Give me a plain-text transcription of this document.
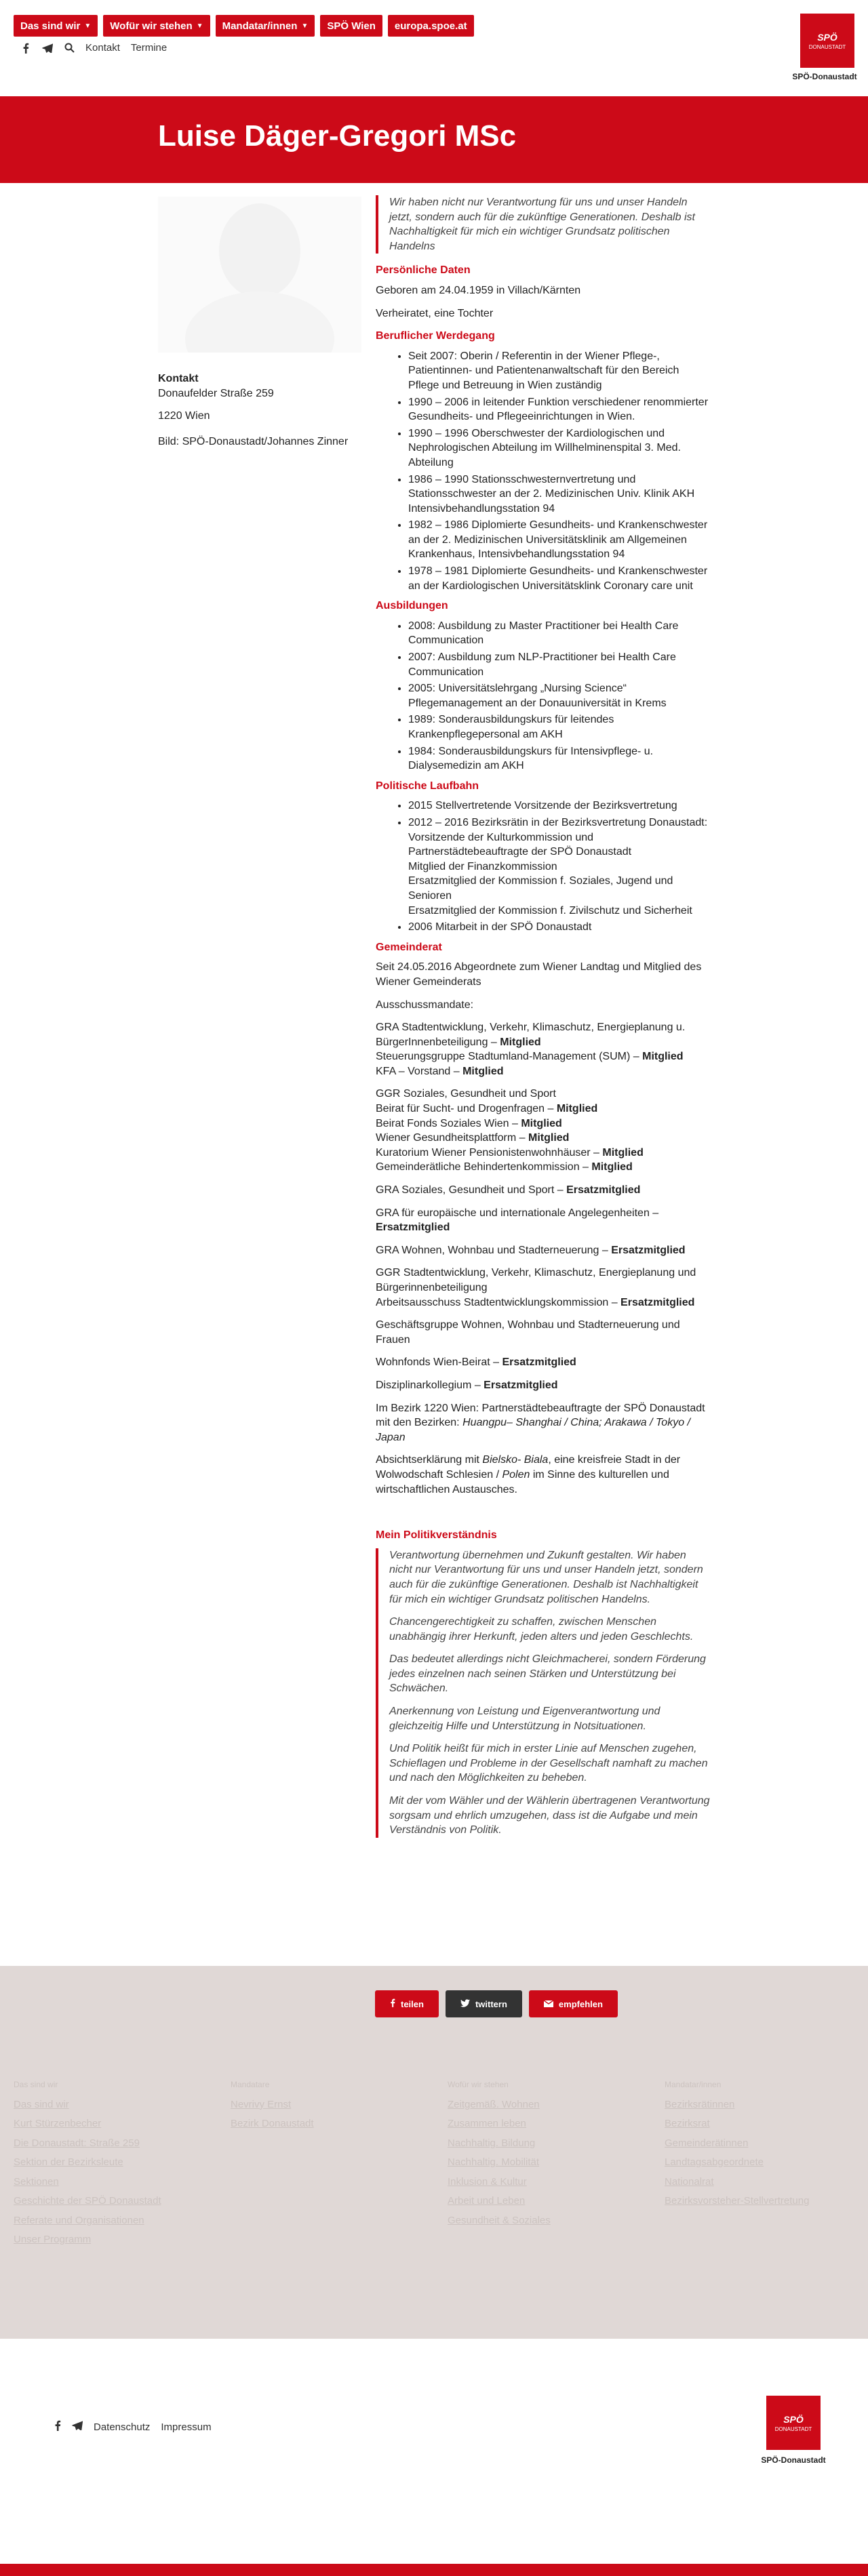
Das sind wir ▼ Wofür wir stehen ▼ Mandatar/innen ▼ SPÖ Wien europa.spoe.at
Kontakt Termine
SPÖ
DONAUSTADT
SPÖ-Donaustadt
Luise Däger-Gregori MSc
Kontakt
Donaufelder Straße 259
1220 Wien
Bild: SPÖ-Donaustadt/Johannes Zinner

Wir haben nicht nur Verantwortung für uns und unser Handeln jetzt, sondern auch für die zukünftige Generationen. Deshalb ist Nachhaltigkeit für mich ein wichtiger Grundsatz politischen Handelns

Persönliche Daten

Geboren am 24.04.1959 in Villach/Kärnten

Verheiratet, eine Tochter

Beruflicher Werdegang
• Seit 2007: Oberin / Referentin in der Wiener Pflege-, Patientinnen- und Patientenanwaltschaft für den Bereich Pflege und Betreuung in Wien zuständig
• 1990 – 2006 in leitender Funktion verschiedener renommierter Gesundheits- und Pflegeeinrichtungen in Wien.
• 1990 – 1996 Oberschwester der Kardiologischen und Nephrologischen Abteilung im Willhelminenspital 3. Med. Abteilung
• 1986 – 1990 Stationsschwesternvertretung und Stationsschwester an der 2. Medizinischen Univ. Klinik AKH Intensivbehandlungsstation 94
• 1982 – 1986 Diplomierte Gesundheits- und Krankenschwester an der 2. Medizinischen Universitätsklinik am Allgemeinen Krankenhaus, Intensivbehandlungsstation 94
• 1978 – 1981 Diplomierte Gesundheits- und Krankenschwester an der Kardiologischen Universitätsklink Coronary care unit
Ausbildungen
• 2008: Ausbildung zu Master Practitioner bei Health Care Communication
• 2007: Ausbildung zum NLP-Practitioner bei Health Care Communication
• 2005: Universitätslehrgang „Nursing Science“ Pflegemanagement an der Donauuniversität in Krems
• 1989: Sonderausbildungskurs für leitendes Krankenpflegepersonal am AKH
• 1984: Sonderausbildungskurs für Intensivpflege- u. Dialysemedizin am AKH
Politische Laufbahn
• 2015 Stellvertretende Vorsitzende der Bezirksvertretung
• 2012 – 2016 Bezirksrätin in der Bezirksvertretung Donaustadt: Vorsitzende der Kulturkommission und Partnerstädtebeauftragte der SPÖ Donaustadt
Mitglied der Finanzkommission
Ersatzmitglied der Kommission f. Soziales, Jugend und Senioren
Ersatzmitglied der Kommission f. Zivilschutz und Sicherheit
• 2006 Mitarbeit in der SPÖ Donaustadt
Gemeinderat

Seit 24.05.2016 Abgeordnete zum Wiener Landtag und Mitglied des Wiener Gemeinderats

Ausschussmandate:

GRA Stadtentwicklung, Verkehr, Klimaschutz, Energieplanung u. BürgerInnenbeteiligung – Mitglied
Steuerungsgruppe Stadtumland-Management (SUM) – Mitglied
KFA – Vorstand – Mitglied
GGR Soziales, Gesundheit und Sport
Beirat für Sucht- und Drogenfragen – Mitglied
Beirat Fonds Soziales Wien – Mitglied
Wiener Gesundheitsplattform – Mitglied
Kuratorium Wiener Pensionistenwohnhäuser – Mitglied
Gemeinderätliche Behindertenkommission – Mitglied

GRA Soziales, Gesundheit und Sport – Ersatzmitglied

GRA für europäische und internationale Angelegenheiten –
Ersatzmitglied

GRA Wohnen, Wohnbau und Stadterneuerung – Ersatzmitglied

GGR Stadtentwicklung, Verkehr, Klimaschutz, Energieplanung und Bürgerinnenbeteiligung
Arbeitsausschuss Stadtentwicklungskommission – Ersatzmitglied

Geschäftsgruppe Wohnen, Wohnbau und Stadterneuerung und Frauen

Wohnfonds Wien-Beirat – Ersatzmitglied

Disziplinarkollegium – Ersatzmitglied

Im Bezirk 1220 Wien: Partnerstädtebeauftragte der SPÖ Donaustadt mit den Bezirken: Huangpu– Shanghai / China; Arakawa / Tokyo / Japan

Absichtserklärung mit Bielsko- Biala, eine kreisfreie Stadt in der Wolwodschaft Schlesien / Polen im Sinne des kulturellen und wirtschaftlichen Austausches.

Mein Politikverständnis

Verantwortung übernehmen und Zukunft gestalten. Wir haben nicht nur Verantwortung für uns und unser Handeln jetzt, sondern auch für die zukünftige Generationen. Deshalb ist Nachhaltigkeit für mich ein wichtiger Grundsatz politischen Handelns.

Chancengerechtigkeit zu schaffen, zwischen Menschen unabhängig ihrer Herkunft, jeden alters und jeden Geschlechts.

Das bedeutet allerdings nicht Gleichmacherei, sondern Förderung jedes einzelnen nach seinen Stärken und Unterstützung bei Schwächen.

Anerkennung von Leistung und Eigenverantwortung und gleichzeitig Hilfe und Unterstützung in Notsituationen.

Und Politik heißt für mich in erster Linie auf Menschen zugehen, Schieflagen und Probleme in der Gesellschaft namhaft zu machen und nach den Möglichkeiten zu beheben.

Mit der vom Wähler und der Wählerin übertragenen Verantwortung sorgsam und ehrlich umzugehen, dass ist die Aufgabe und mein Verständnis von Politik.

teilen	twittern	empfehlen
Das sind wir
Das sind wir
Kurt Stürzenbecher
Die Donaustadt: Straße 259
Sektion der Bezirksleute
Sektionen
Geschichte der SPÖ Donaustadt
Referate und Organisationen
Unser Programm
Mandatare
Nevrivy Ernst
Bezirk Donaustadt
Wofür wir stehen
Zeitgemäß. Wohnen
Zusammen leben
Nachhaltig. Bildung
Nachhaltig. Mobilität
Inklusion & Kultur
Arbeit und Leben
Gesundheit & Soziales
Mandatar/innen
Bezirksrätinnen
Bezirksrat
Gemeinderätinnen
Landtagsabgeordnete
Nationalrat
Bezirksvorsteher-Stellvertretung
Datenschutz Impressum
SPÖ
DONAUSTADT
SPÖ-Donaustadt
